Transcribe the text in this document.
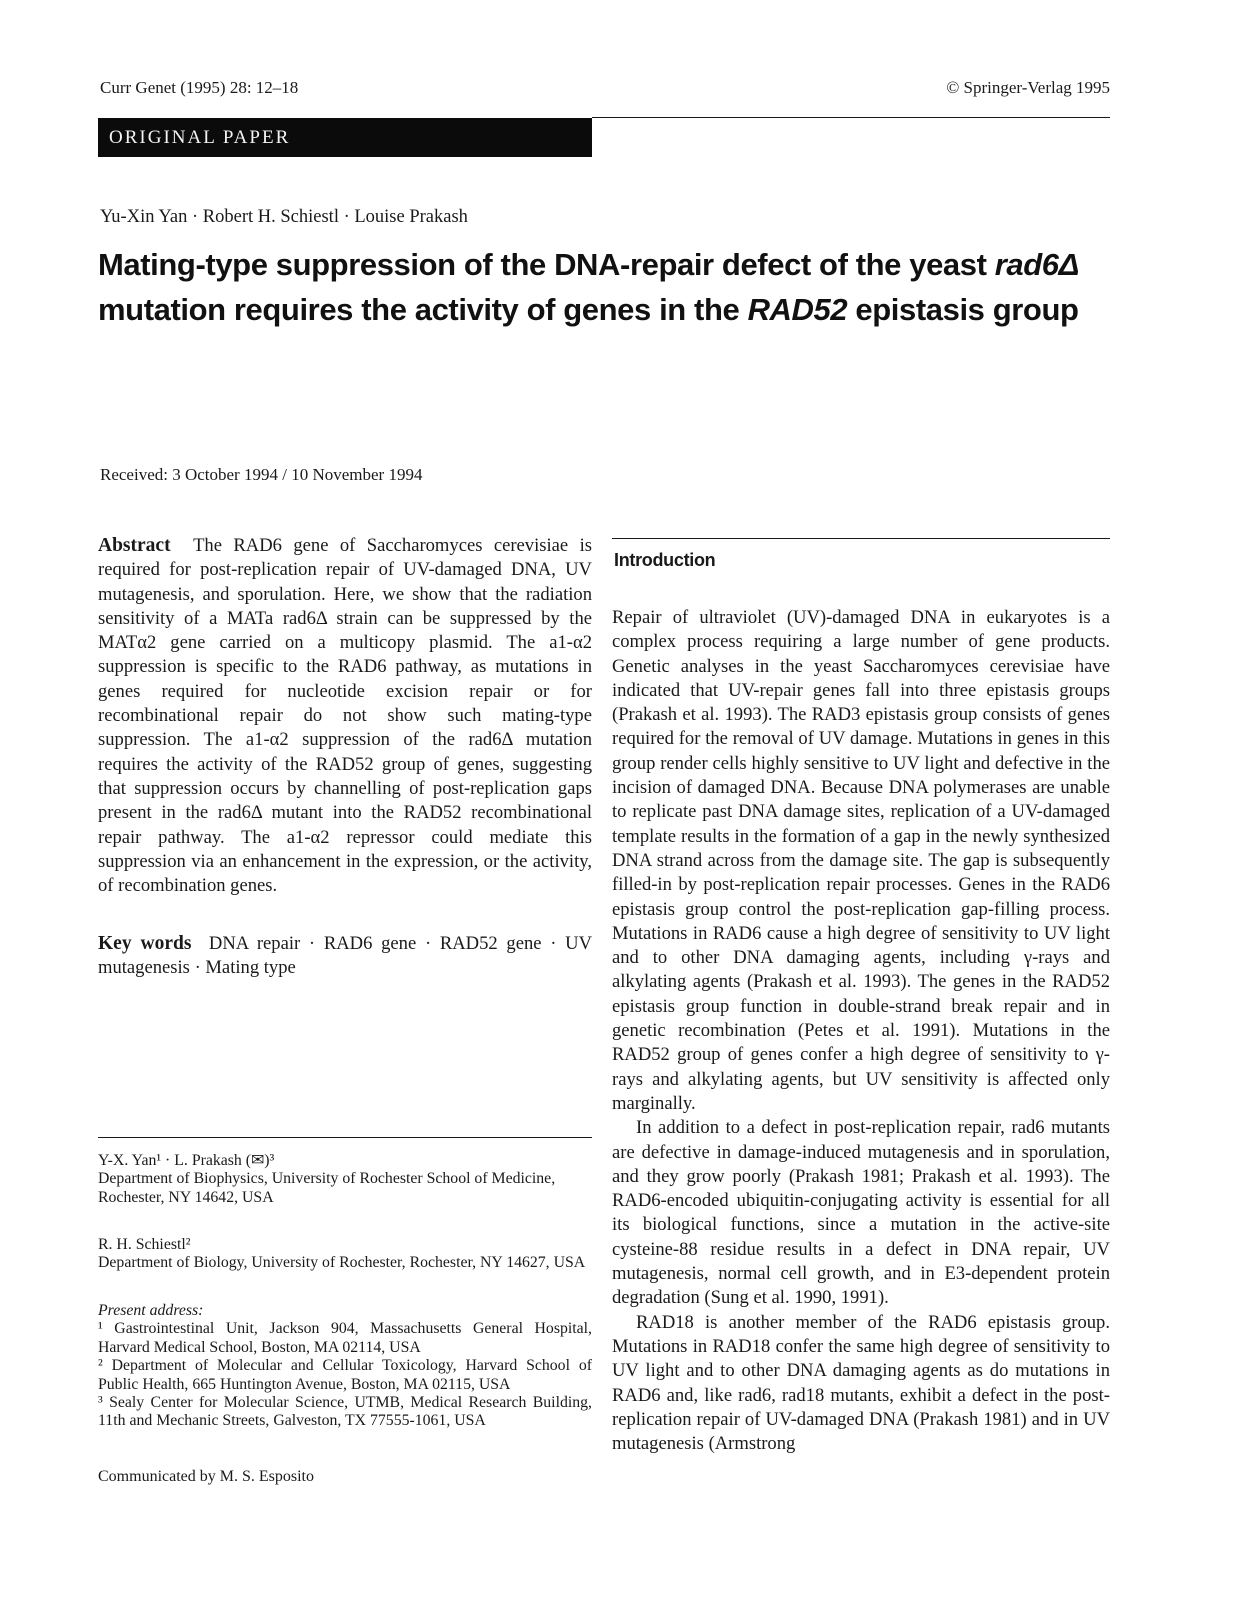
Curr Genet (1995) 28: 12–18	© Springer-Verlag 1995
ORIGINAL PAPER
Yu-Xin Yan · Robert H. Schiestl · Louise Prakash
Mating-type suppression of the DNA-repair defect of the yeast rad6Δ
mutation requires the activity of genes in the RAD52 epistasis group
Received: 3 October 1994 / 10 November 1994

Abstract The RAD6 gene of Saccharomyces cerevisiae is required for post-replication repair of UV-damaged DNA, UV mutagenesis, and sporulation. Here, we show that the radiation sensitivity of a MATa rad6Δ strain can be suppressed by the MATα2 gene carried on a multicopy plasmid. The a1-α2 suppression is specific to the RAD6 pathway, as mutations in genes required for nucleotide excision repair or for recombinational repair do not show such mating-type suppression. The a1-α2 suppression of the rad6Δ mutation requires the activity of the RAD52 group of genes, suggesting that suppression occurs by channelling of post-replication gaps present in the rad6Δ mutant into the RAD52 recombinational repair pathway. The a1-α2 repressor could mediate this suppression via an enhancement in the expression, or the activity, of recombination genes.

Key words DNA repair · RAD6 gene · RAD52 gene · UV mutagenesis · Mating type

Y-X. Yan¹ · L. Prakash (✉)³
Department of Biophysics, University of Rochester School of Medicine, Rochester, NY 14642, USA
R. H. Schiestl²
Department of Biology, University of Rochester, Rochester, NY 14627, USA
Present address:
¹ Gastrointestinal Unit, Jackson 904, Massachusetts General Hospital, Harvard Medical School, Boston, MA 02114, USA
² Department of Molecular and Cellular Toxicology, Harvard School of Public Health, 665 Huntington Avenue, Boston, MA 02115, USA
³ Sealy Center for Molecular Science, UTMB, Medical Research Building, 11th and Mechanic Streets, Galveston, TX 77555-1061, USA
Communicated by M. S. Esposito
Introduction

Repair of ultraviolet (UV)-damaged DNA in eukaryotes is a complex process requiring a large number of gene products. Genetic analyses in the yeast Saccharomyces cerevisiae have indicated that UV-repair genes fall into three epistasis groups (Prakash et al. 1993). The RAD3 epistasis group consists of genes required for the removal of UV damage. Mutations in genes in this group render cells highly sensitive to UV light and defective in the incision of damaged DNA. Because DNA polymerases are unable to replicate past DNA damage sites, replication of a UV-damaged template results in the formation of a gap in the newly synthesized DNA strand across from the damage site. The gap is subsequently filled-in by post-replication repair processes. Genes in the RAD6 epistasis group control the post-replication gap-filling process. Mutations in RAD6 cause a high degree of sensitivity to UV light and to other DNA damaging agents, including γ-rays and alkylating agents (Prakash et al. 1993). The genes in the RAD52 epistasis group function in double-strand break repair and in genetic recombination (Petes et al. 1991). Mutations in the RAD52 group of genes confer a high degree of sensitivity to γ-rays and alkylating agents, but UV sensitivity is affected only marginally.

In addition to a defect in post-replication repair, rad6 mutants are defective in damage-induced mutagenesis and in sporulation, and they grow poorly (Prakash 1981; Prakash et al. 1993). The RAD6-encoded ubiquitin-conjugating activity is essential for all its biological functions, since a mutation in the active-site cysteine-88 residue results in a defect in DNA repair, UV mutagenesis, normal cell growth, and in E3-dependent protein degradation (Sung et al. 1990, 1991).

RAD18 is another member of the RAD6 epistasis group. Mutations in RAD18 confer the same high degree of sensitivity to UV light and to other DNA damaging agents as do mutations in RAD6 and, like rad6, rad18 mutants, exhibit a defect in the post-replication repair of UV-damaged DNA (Prakash 1981) and in UV mutagenesis (Armstrong
